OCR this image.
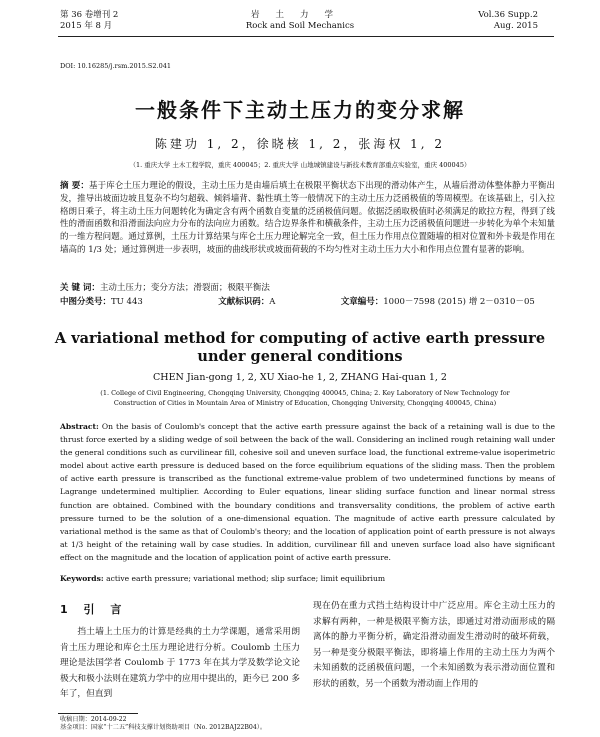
第 36 卷增刊 2
2015 年 8 月
岩土力学
Rock and Soil Mechanics
Vol.36 Supp.2
Aug. 2015
DOI: 10.16285/j.rsm.2015.S2.041
一般条件下主动土压力的变分求解
陈建功 1, 2，徐晓核 1, 2，张海权 1, 2
（1. 重庆大学 土木工程学院，重庆 400045；2. 重庆大学 山地城镇建设与新技术教育部重点实验室，重庆 400045）
摘 要：基于库仑土压力理论的假设，主动土压力是由墙后填土在极限平衡状态下出现的滑动体产生，从墙后滑动体整体静力平衡出发，推导出坡面边坡且复杂不均匀超载、倾斜墙背、黏性填土等一般情况下的主动土压力泛函极值的等周模型。在该基础上，引入拉格朗日乘子，将主动土压力问题转化为确定含有两个函数自变量的泛函极值问题。依据泛函取极值时必须满足的欧拉方程，得到了线性的滑面函数和沿滑面法向应力分布的法向应力函数。结合边界条件和横截条件，主动土压力泛函极值问题进一步转化为单个未知量的一维方程问题。通过算例，土压力计算结果与库仑土压力理论解完全一致，但土压力作用点位置随墙的相对位置和外卡载是作用在墙高的 1/3 处；通过算例进一步表明，坡面的曲线形状或坡面荷载的不均匀性对主动土压力大小和作用点位置有显著的影响。
关 键 词：主动土压力；变分方法；滑裂面；极限平衡法
中图分类号：TU 443	文献标识码：A	文章编号：1000－7598 (2015) 增 2－0310－05
A variational method for computing of active earth pressure
under general conditions
CHEN Jian-gong 1, 2, XU Xiao-he 1, 2, ZHANG Hai-quan 1, 2
(1. College of Civil Engineering, Chongqing University, Chongqing 400045, China; 2. Key Laboratory of New Technology for Construction of Cities in Mountain Area of Ministry of Education, Chongqing University, Chongqing 400045, China)
Abstract: On the basis of Coulomb's concept that the active earth pressure against the back of a retaining wall is due to the thrust force exerted by a sliding wedge of soil between the back of the wall. Considering an inclined rough retaining wall under the general conditions such as curvilinear fill, cohesive soil and uneven surface load, the functional extreme-value isoperimetric model about active earth pressure is deduced based on the force equilibrium equations of the sliding mass. Then the problem of active earth pressure is transcribed as the functional extreme-value problem of two undetermined functions by means of Lagrange undetermined multiplier. According to Euler equations, linear sliding surface function and linear normal stress function are obtained. Combined with the boundary conditions and transversality conditions, the problem of active earth pressure turned to be the solution of a one-dimensional equation. The magnitude of active earth pressure calculated by variational method is the same as that of Coulomb's theory; and the location of application point of earth pressure is not always at 1/3 height of the retaining wall by case studies. In addition, curvilinear fill and uneven surface load also have significant effect on the magnitude and the location of application point of active earth pressure.
Keywords: active earth pressure; variational method; slip surface; limit equilibrium
1 引 言
挡土墙上土压力的计算是经典的土力学课题，通常采用朗肯土压力理论和库仑土压力理论进行分析。Coulomb 土压力理论是法国学者 Coulomb 于 1773 年在其力学及数学论文论极大和极小法则在建筑力学中的应用中提出的，距今已 200 多年了，但直到
现在仍在重力式挡土结构设计中广泛应用。库仑主动土压力的求解有两种，一种是极限平衡方法，即通过对滑动面形成的隔离体的静力平衡分析，确定沿滑动面发生滑动时的破坏荷载，另一种是变分极限平衡法，即将墙上作用的主动土压力为两个未知函数的泛函极值问题，一个未知函数为表示滑动面位置和形状的函数，另一个函数为滑动面上作用的
收稿日期：2014-09-22
基金项目：国家“十二五”科技支撑计划资助项目（No. 2012BAJ22B04）。
